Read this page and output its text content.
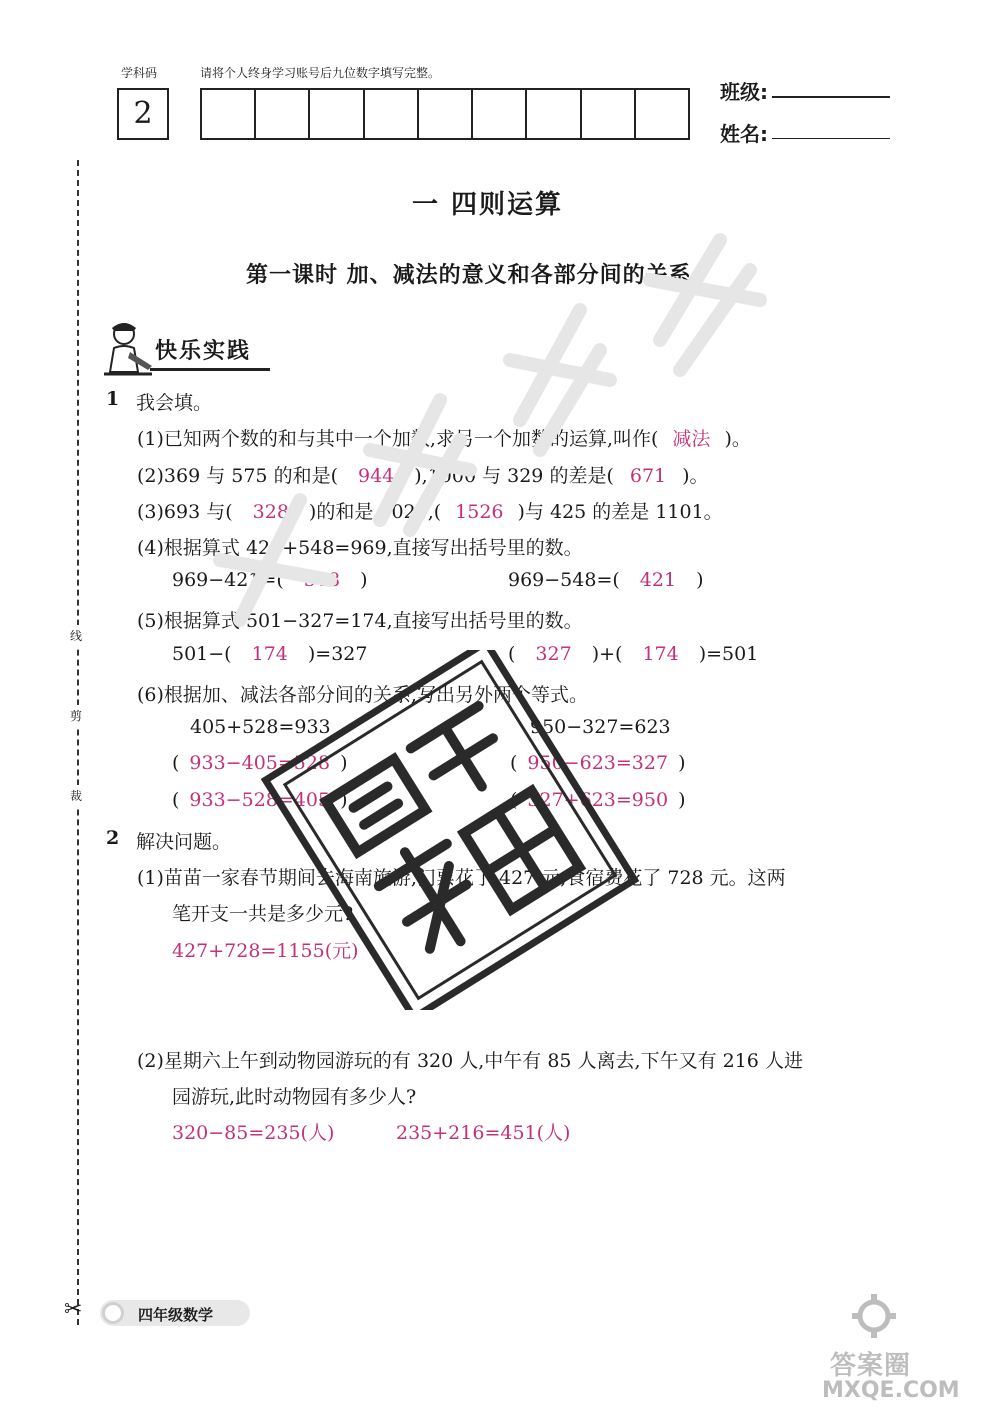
学科码	请将个人终身学习账号后九位数字填写完整。
2
班级:
姓名:
线
剪
裁
✂
一 四则运算
第一课时 加、减法的意义和各部分间的关系
快乐实践
1 我会填。
(1)已知两个数的和与其中一个加数,求另一个加数的运算,叫作( 减法 )。
(2)369 与 575 的和是( 944 ),1000 与 329 的差是( 671 )。
(3)693 与( 328 )的和是 1021,( 1526 )与 425 的差是 1101。
(4)根据算式 421+548=969,直接写出括号里的数。
969−421=( 548 )	969−548=( 421 )
(5)根据算式 501−327=174,直接写出括号里的数。
501−( 174 )=327	( 327 )+( 174 )=501
(6)根据加、减法各部分间的关系,写出另外两个等式。
405+528=933	950−327=623
( 933−405=528 )	( 950−623=327 )
( 933−528=405 )	( 327+623=950 )
2 解决问题。
(1)苗苗一家春节期间去海南旅游,门票花了 427 元,食宿费花了 728 元。这两
笔开支一共是多少元?
427+728=1155(元)
(2)星期六上午到动物园游玩的有 320 人,中午有 85 人离去,下午又有 216 人进
园游玩,此时动物园有多少人?
320−85=235(人)	235+216=451(人)
四年级数学
答案圈
MXQE.COM
